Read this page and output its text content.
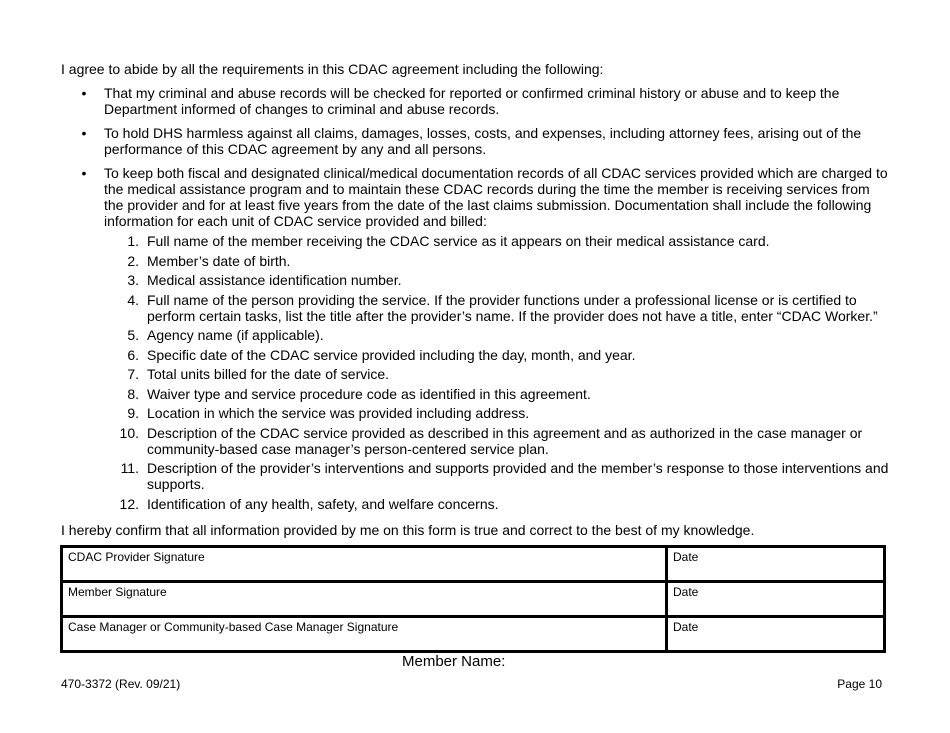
I agree to abide by all the requirements in this CDAC agreement including the following:
• That my criminal and abuse records will be checked for reported or confirmed criminal history or abuse and to keep the Department informed of changes to criminal and abuse records.
• To hold DHS harmless against all claims, damages, losses, costs, and expenses, including attorney fees, arising out of the performance of this CDAC agreement by any and all persons.
• To keep both fiscal and designated clinical/medical documentation records of all CDAC services provided which are charged to the medical assistance program and to maintain these CDAC records during the time the member is receiving services from the provider and for at least five years from the date of the last claims submission. Documentation shall include the following information for each unit of CDAC service provided and billed:
1. Full name of the member receiving the CDAC service as it appears on their medical assistance card.
2. Member’s date of birth.
3. Medical assistance identification number.
4. Full name of the person providing the service. If the provider functions under a professional license or is certified to perform certain tasks, list the title after the provider’s name. If the provider does not have a title, enter “CDAC Worker.”
5. Agency name (if applicable).
6. Specific date of the CDAC service provided including the day, month, and year.
7. Total units billed for the date of service.
8. Waiver type and service procedure code as identified in this agreement.
9. Location in which the service was provided including address.
10. Description of the CDAC service provided as described in this agreement and as authorized in the case manager or community-based case manager’s person-centered service plan.
11. Description of the provider’s interventions and supports provided and the member’s response to those interventions and supports.
12. Identification of any health, safety, and welfare concerns.
I hereby confirm that all information provided by me on this form is true and correct to the best of my knowledge.
CDAC Provider Signature	Date
Member Signature	Date
Case Manager or Community-based Case Manager Signature	Date
Member Name:
470-3372 (Rev. 09/21)	Page 10
